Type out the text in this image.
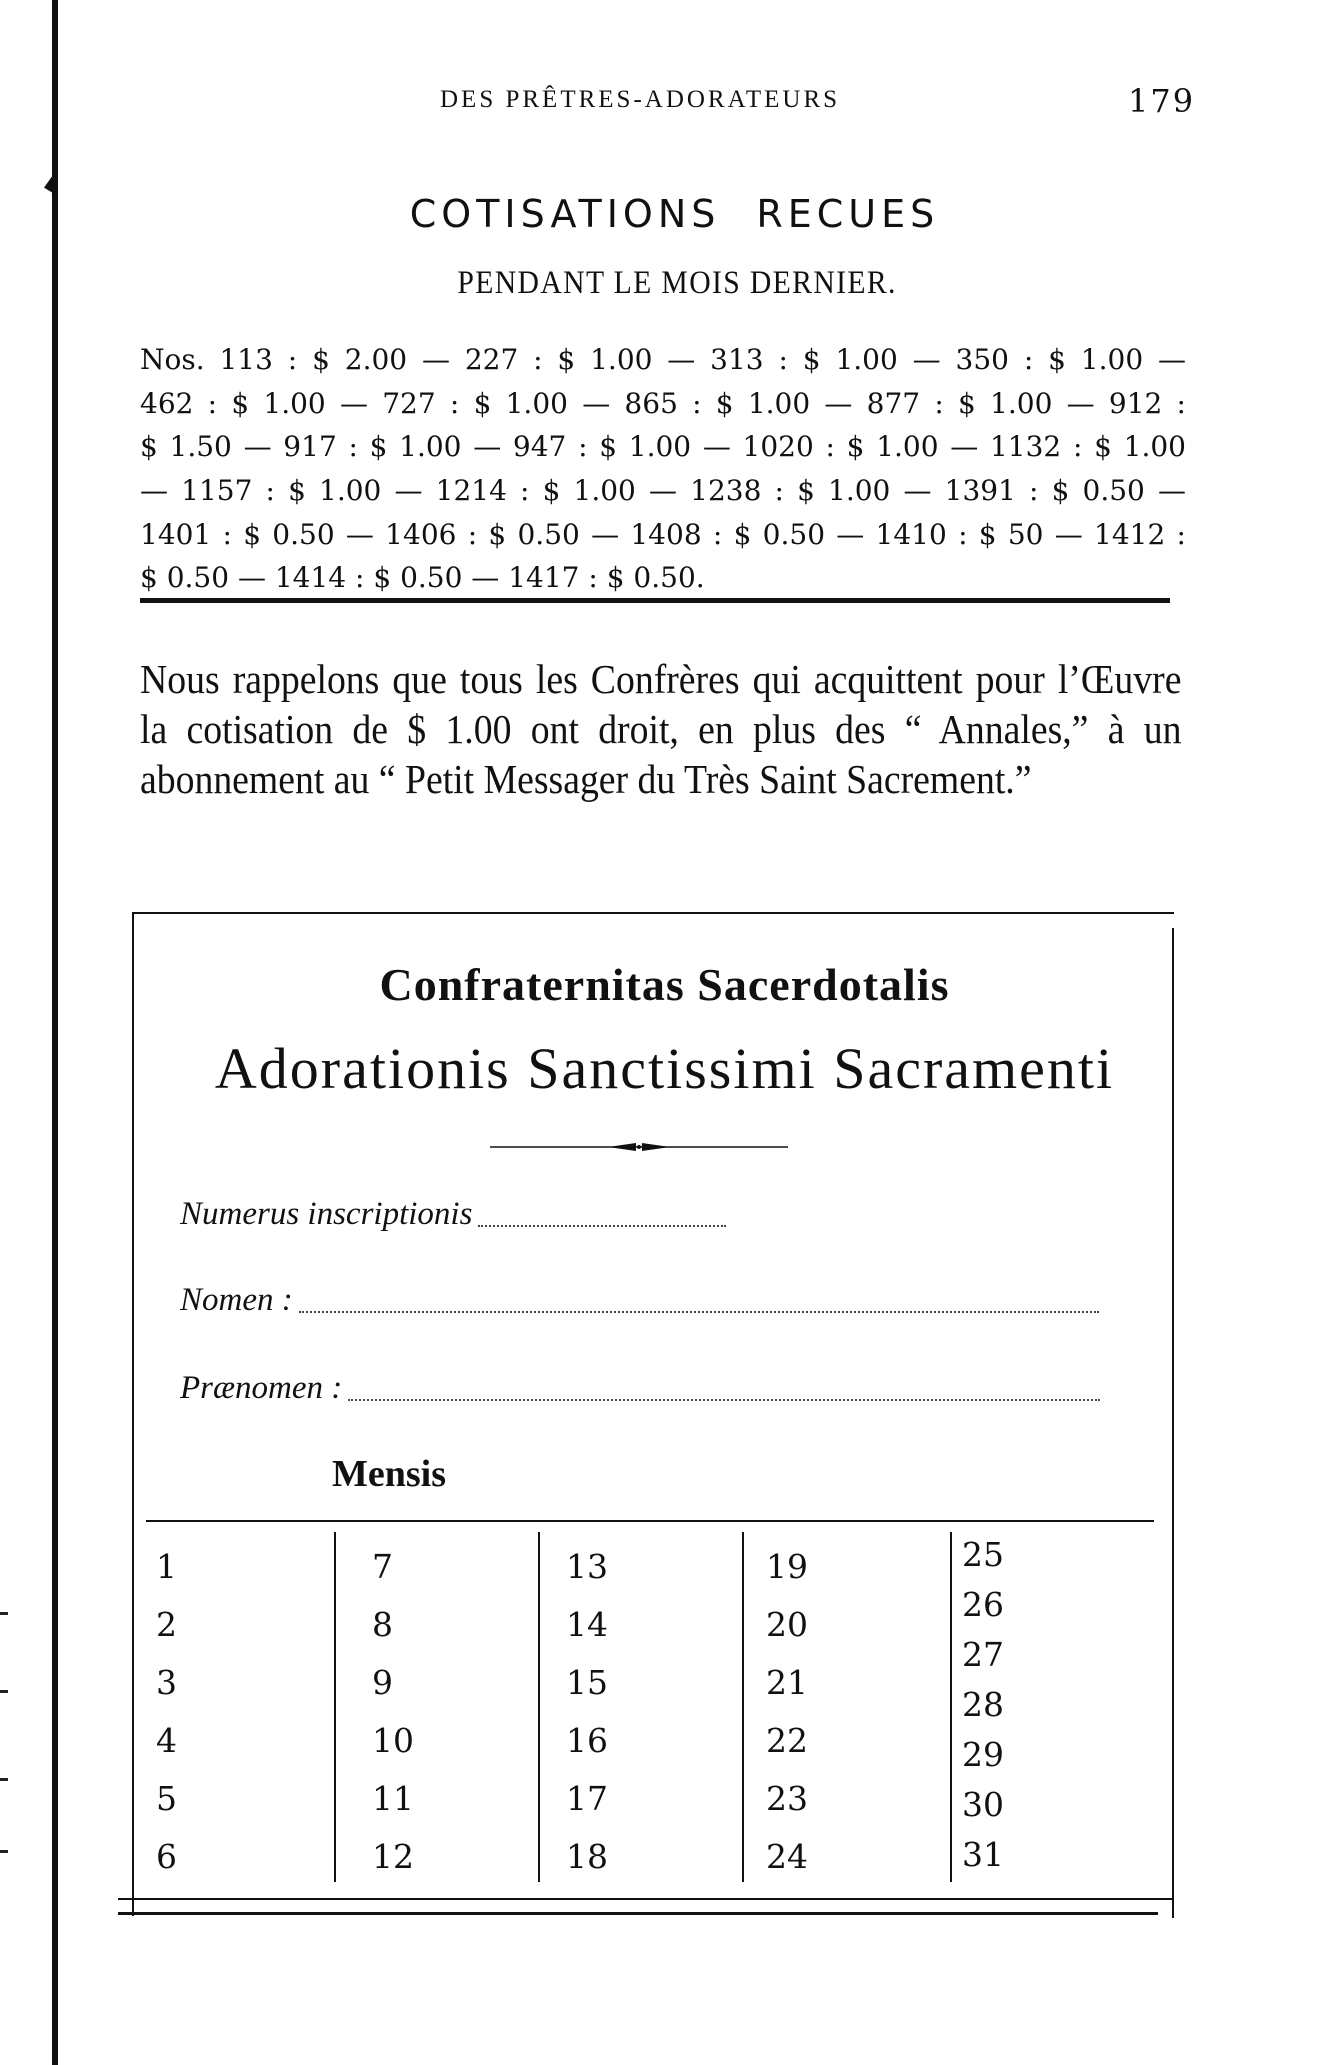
DES PRÊTRES-ADORATEURS	179
COTISATIONS RECUES
PENDANT LE MOIS DERNIER.
Nos. 113 : $ 2.00 — 227 : $ 1.00 — 313 : $ 1.00 — 350 : $ 1.00 —
462 : $ 1.00 — 727 : $ 1.00 — 865 : $ 1.00 — 877 : $ 1.00 — 912 :
$ 1.50 — 917 : $ 1.00 — 947 : $ 1.00 — 1020 : $ 1.00 — 1132 : $ 1.00
— 1157 : $ 1.00 — 1214 : $ 1.00 — 1238 : $ 1.00 — 1391 : $ 0.50 —
1401 : $ 0.50 — 1406 : $ 0.50 — 1408 : $ 0.50 — 1410 : $ 50 — 1412 :
$ 0.50 — 1414 : $ 0.50 — 1417 : $ 0.50.
Nous rappelons que tous les Confrères qui acquittent pour l’Œuvre la cotisation de $ 1.00 ont droit, en plus des “ Annales,” à un abonnement au “ Petit Messager du Très Saint Sacrement.”
Confraternitas Sacerdotalis
Adorationis Sanctissimi Sacramenti
Numerus inscriptionis
Nomen :
Prænomen :
Mensis
1
2
3
4
5
6
7
8
9
10
11
12
13
14
15
16
17
18
19
20
21
22
23
24
25
26
27
28
29
30
31
